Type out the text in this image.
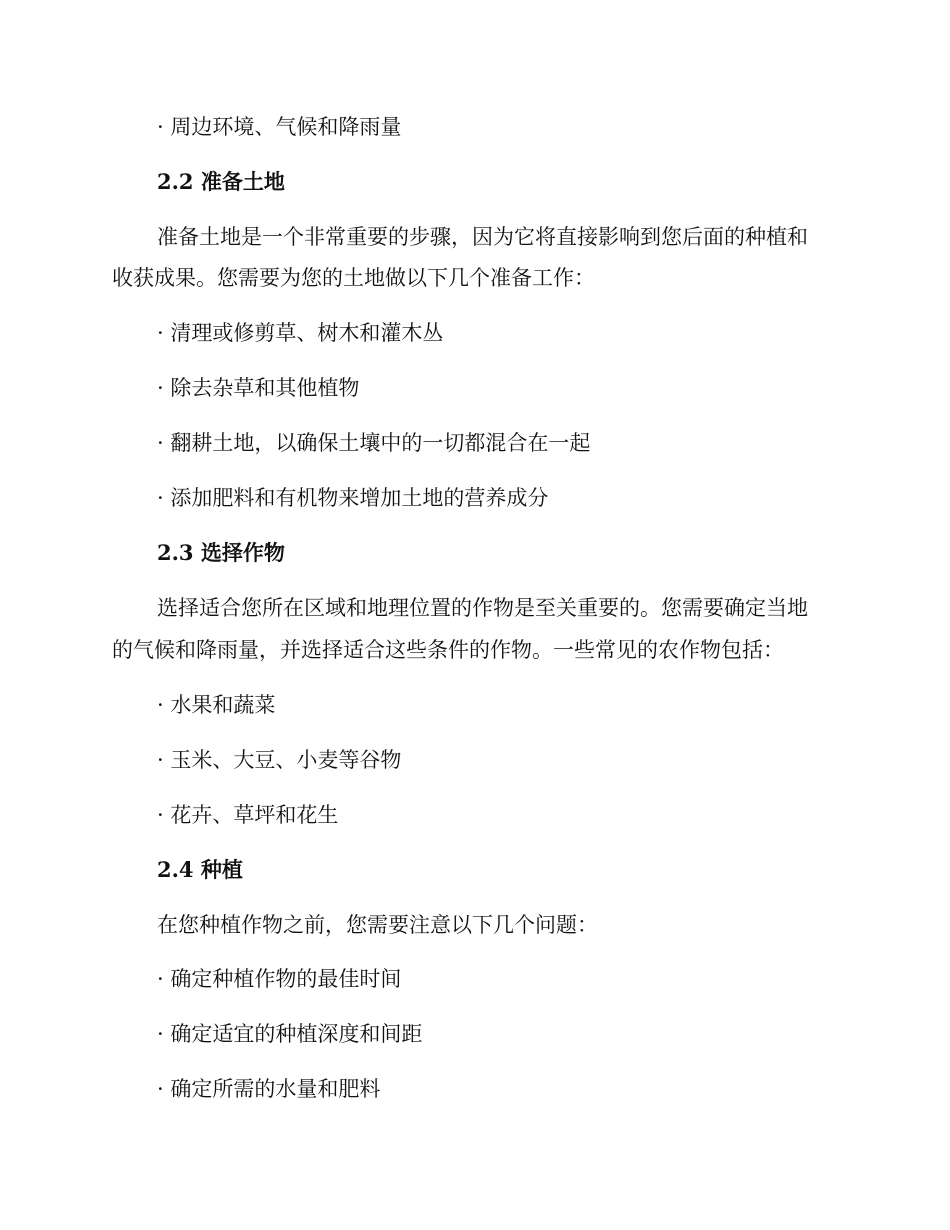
· 周边环境、气候和降雨量
2.2 准备土地
准备土地是一个非常重要的步骤，因为它将直接影响到您后面的种植和
收获成果。您需要为您的土地做以下几个准备工作：
· 清理或修剪草、树木和灌木丛
· 除去杂草和其他植物
· 翻耕土地，以确保土壤中的一切都混合在一起
· 添加肥料和有机物来增加土地的营养成分
2.3 选择作物
选择适合您所在区域和地理位置的作物是至关重要的。您需要确定当地
的气候和降雨量，并选择适合这些条件的作物。一些常见的农作物包括：
· 水果和蔬菜
· 玉米、大豆、小麦等谷物
· 花卉、草坪和花生
2.4 种植
在您种植作物之前，您需要注意以下几个问题：
· 确定种植作物的最佳时间
· 确定适宜的种植深度和间距
· 确定所需的水量和肥料
